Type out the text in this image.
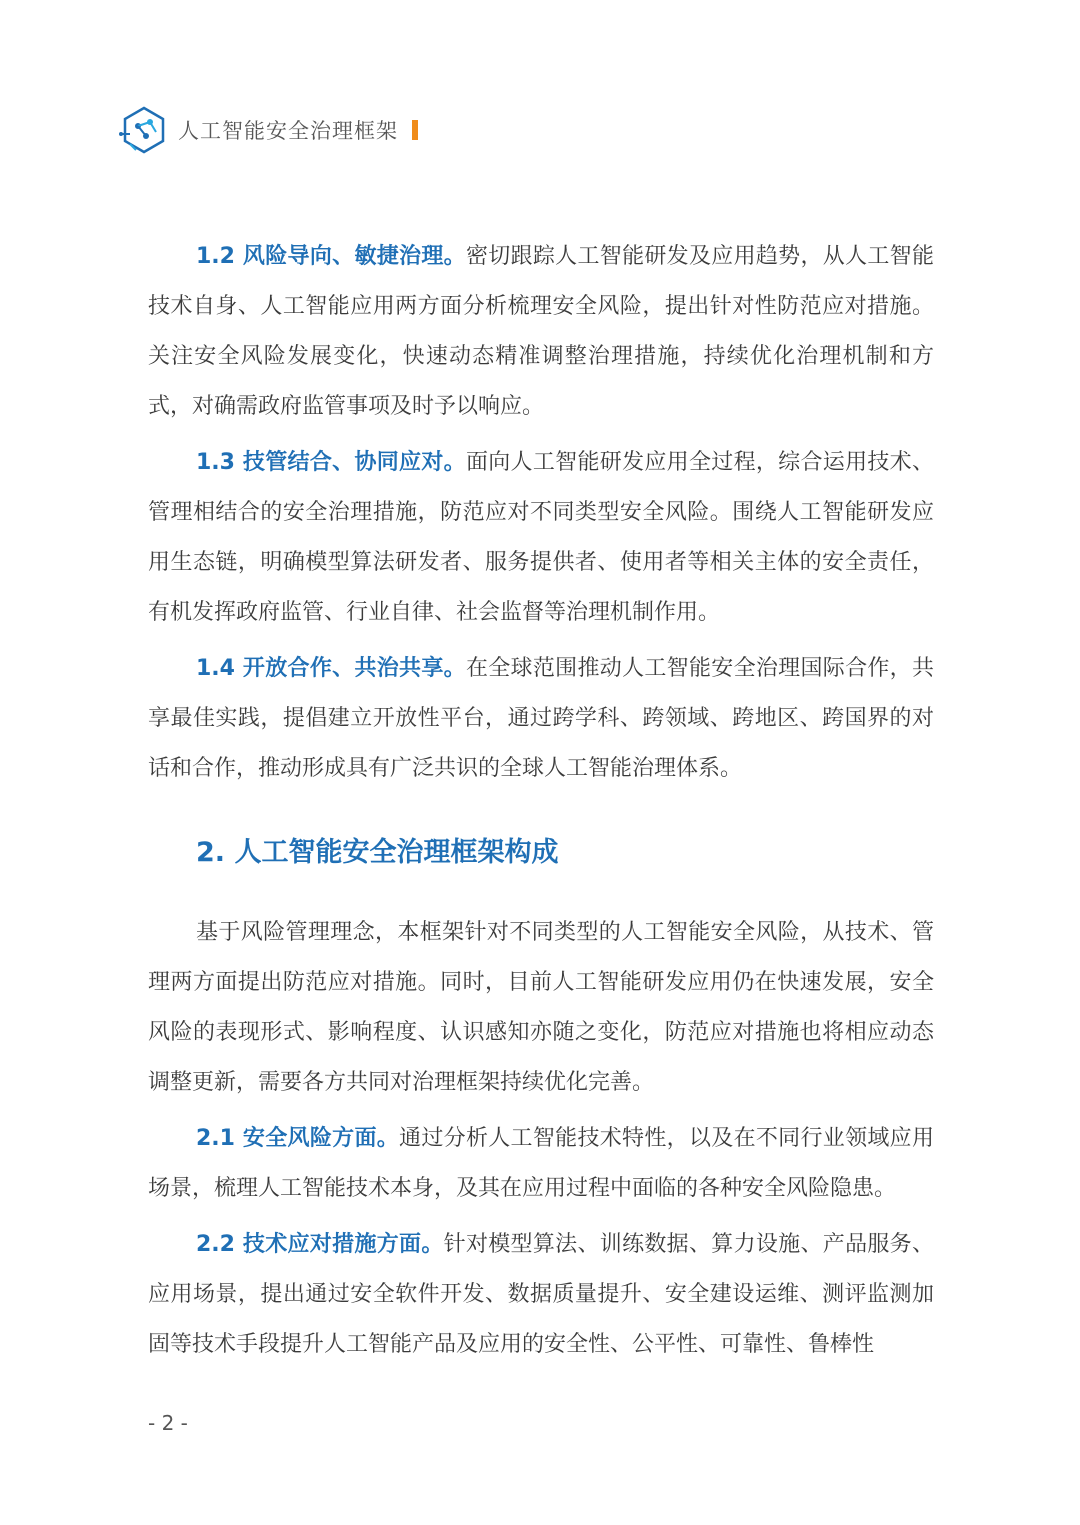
人工智能安全治理框架

1.2 风险导向、敏捷治理。密切跟踪人工智能研发及应用趋势，从人工智能技术自身、人工智能应用两方面分析梳理安全风险，提出针对性防范应对措施。关注安全风险发展变化，快速动态精准调整治理措施，持续优化治理机制和方式，对确需政府监管事项及时予以响应。

1.3 技管结合、协同应对。面向人工智能研发应用全过程，综合运用技术、管理相结合的安全治理措施，防范应对不同类型安全风险。围绕人工智能研发应用生态链，明确模型算法研发者、服务提供者、使用者等相关主体的安全责任，有机发挥政府监管、行业自律、社会监督等治理机制作用。

1.4 开放合作、共治共享。在全球范围推动人工智能安全治理国际合作，共享最佳实践，提倡建立开放性平台，通过跨学科、跨领域、跨地区、跨国界的对话和合作，推动形成具有广泛共识的全球人工智能治理体系。

2. 人工智能安全治理框架构成

基于风险管理理念，本框架针对不同类型的人工智能安全风险，从技术、管理两方面提出防范应对措施。同时，目前人工智能研发应用仍在快速发展，安全风险的表现形式、影响程度、认识感知亦随之变化，防范应对措施也将相应动态调整更新，需要各方共同对治理框架持续优化完善。

2.1 安全风险方面。通过分析人工智能技术特性，以及在不同行业领域应用场景，梳理人工智能技术本身，及其在应用过程中面临的各种安全风险隐患。

2.2 技术应对措施方面。针对模型算法、训练数据、算力设施、产品服务、应用场景，提出通过安全软件开发、数据质量提升、安全建设运维、测评监测加固等技术手段提升人工智能产品及应用的安全性、公平性、可靠性、鲁棒性

- 2 -
